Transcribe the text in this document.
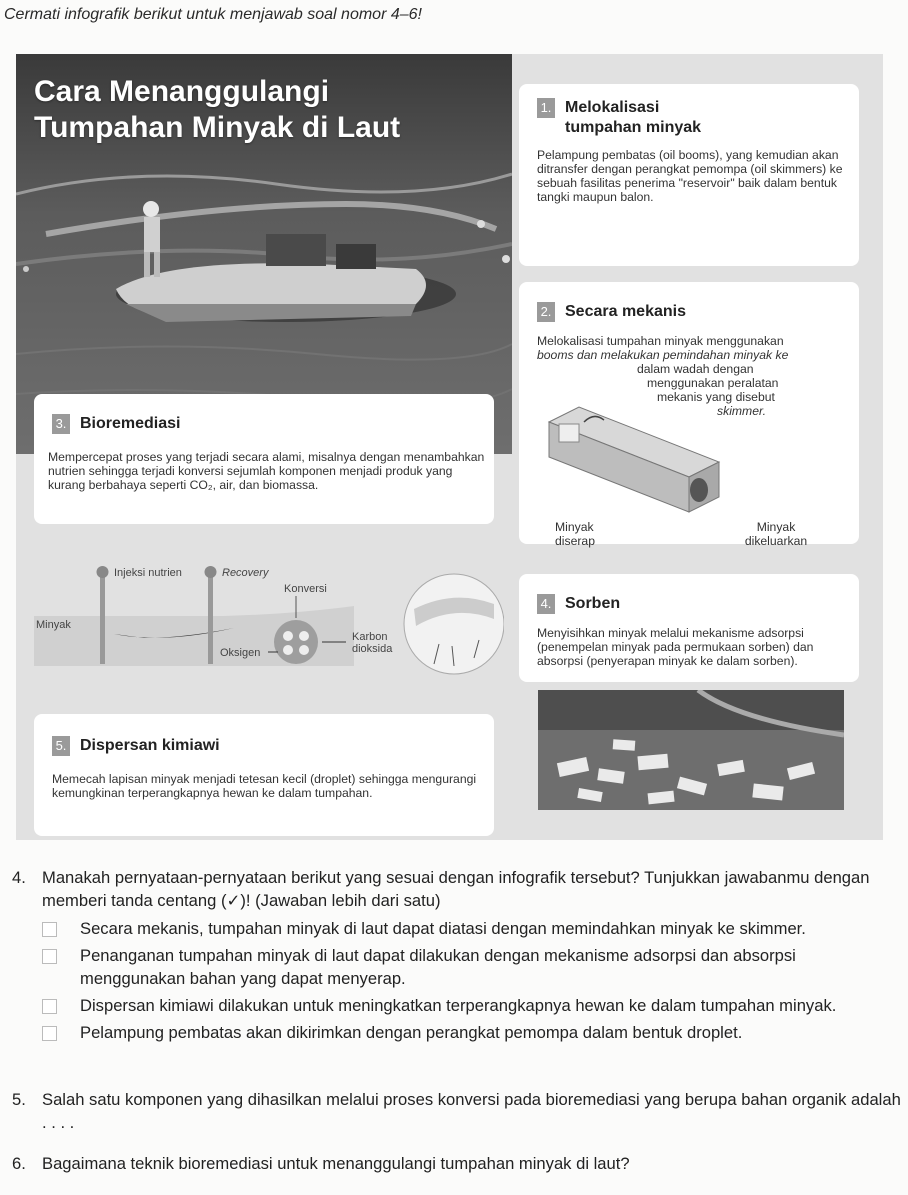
Cermati infografik berikut untuk menjawab soal nomor 4–6!
Cara Menanggulangi
Tumpahan Minyak di Laut
1. Melokalisasi
tumpahan minyak
Pelampung pembatas (oil booms), yang kemudian akan ditransfer dengan perangkat pemompa (oil skimmers) ke sebuah fasilitas penerima "reservoir" baik dalam bentuk tangki maupun balon.
2. Secara mekanis
Melokalisasi tumpahan minyak menggunakan
booms dan melakukan pemindahan minyak ke
dalam wadah dengan
menggunakan peralatan
mekanis yang disebut
skimmer.
Minyak diserap
Minyak dikeluarkan
3. Bioremediasi
Mempercepat proses yang terjadi secara alami, misalnya dengan menambahkan nutrien sehingga terjadi konversi sejumlah komponen menjadi produk yang kurang berbahaya seperti CO₂, air, dan biomassa.
Injeksi nutrien	Recovery
Minyak
Konversi
Oksigen
Karbon
dioksida
4. Sorben
Menyisihkan minyak melalui mekanisme adsorpsi (penempelan minyak pada permukaan sorben) dan absorpsi (penyerapan minyak ke dalam sorben).
5. Dispersan kimiawi
Memecah lapisan minyak menjadi tetesan kecil (droplet) sehingga mengurangi kemungkinan terperangkapnya hewan ke dalam tumpahan.
4. Manakah pernyataan-pernyataan berikut yang sesuai dengan infografik tersebut? Tunjukkan jawabanmu dengan memberi tanda centang (✓)! (Jawaban lebih dari satu)
Secara mekanis, tumpahan minyak di laut dapat diatasi dengan memindahkan minyak ke skimmer.
Penanganan tumpahan minyak di laut dapat dilakukan dengan mekanisme adsorpsi dan absorpsi menggunakan bahan yang dapat menyerap.
Dispersan kimiawi dilakukan untuk meningkatkan terperangkapnya hewan ke dalam tumpahan minyak.
Pelampung pembatas akan dikirimkan dengan perangkat pemompa dalam bentuk droplet.
5. Salah satu komponen yang dihasilkan melalui proses konversi pada bioremediasi yang berupa bahan organik adalah . . . .
6. Bagaimana teknik bioremediasi untuk menanggulangi tumpahan minyak di laut?
